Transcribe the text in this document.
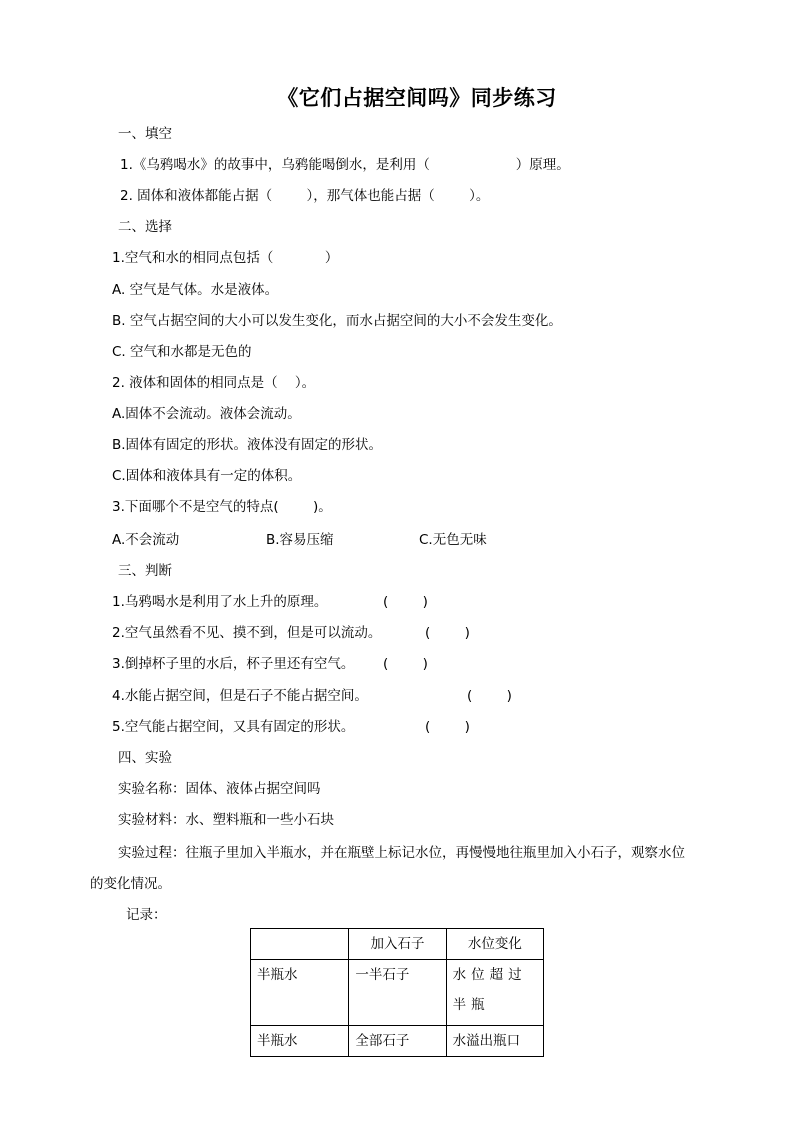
《它们占据空间吗》同步练习
一、填空
1.《乌鸦喝水》的故事中，乌鸦能喝倒水，是利用（                    ）原理。
2. 固体和液体都能占据（        ），那气体也能占据（        ）。
二、选择
1.空气和水的相同点包括（            ）
A. 空气是气体。水是液体。
B. 空气占据空间的大小可以发生变化，而水占据空间的大小不会发生变化。
C. 空气和水都是无色的
2. 液体和固体的相同点是（    ）。
A.固体不会流动。液体会流动。
B.固体有固定的形状。液体没有固定的形状。
C.固体和液体具有一定的体积。
3.下面哪个不是空气的特点(        )。
A.不会流动	B.容易压缩	C.无色无味
三、判断
1.乌鸦喝水是利用了水上升的原理。	(        )
2.空气虽然看不见、摸不到，但是可以流动。	(        )
3.倒掉杯子里的水后，杯子里还有空气。 (        )
4.水能占据空间，但是石子不能占据空间。	(        )
5.空气能占据空间，又具有固定的形状。	(        )
四、实验
实验名称：固体、液体占据空间吗
实验材料：水、塑料瓶和一些小石块
实验过程：往瓶子里加入半瓶水，并在瓶壁上标记水位，再慢慢地往瓶里加入小石子，观察水位
的变化情况。
记录：
	加入石子	水位变化
半瓶水	一半石子	水位超过半瓶
半瓶水	全部石子	水溢出瓶口
